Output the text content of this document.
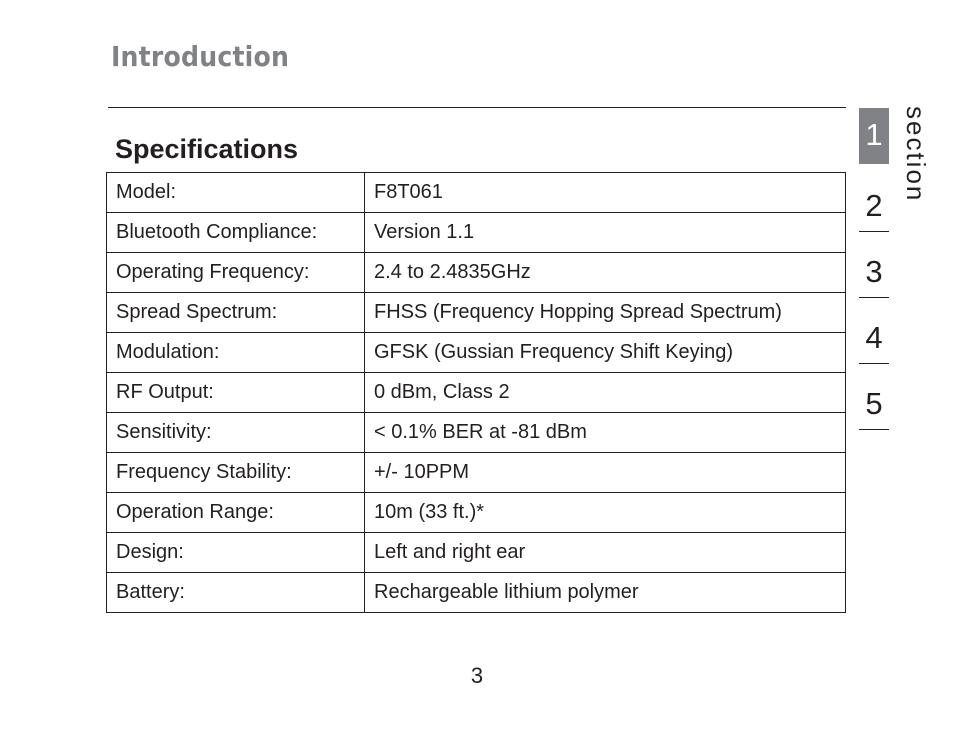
Introduction
Specifications
Model:	F8T061
Bluetooth Compliance:	Version 1.1
Operating Frequency:	2.4 to 2.4835GHz
Spread Spectrum:	FHSS (Frequency Hopping Spread Spectrum)
Modulation:	GFSK (Gussian Frequency Shift Keying)
RF Output:	0 dBm, Class 2
Sensitivity:	< 0.1% BER at -81 dBm
Frequency Stability:	+/- 10PPM
Operation Range:	10m (33 ft.)*
Design:	Left and right ear
Battery:	Rechargeable lithium polymer
3
1
2
3
4
5
section
